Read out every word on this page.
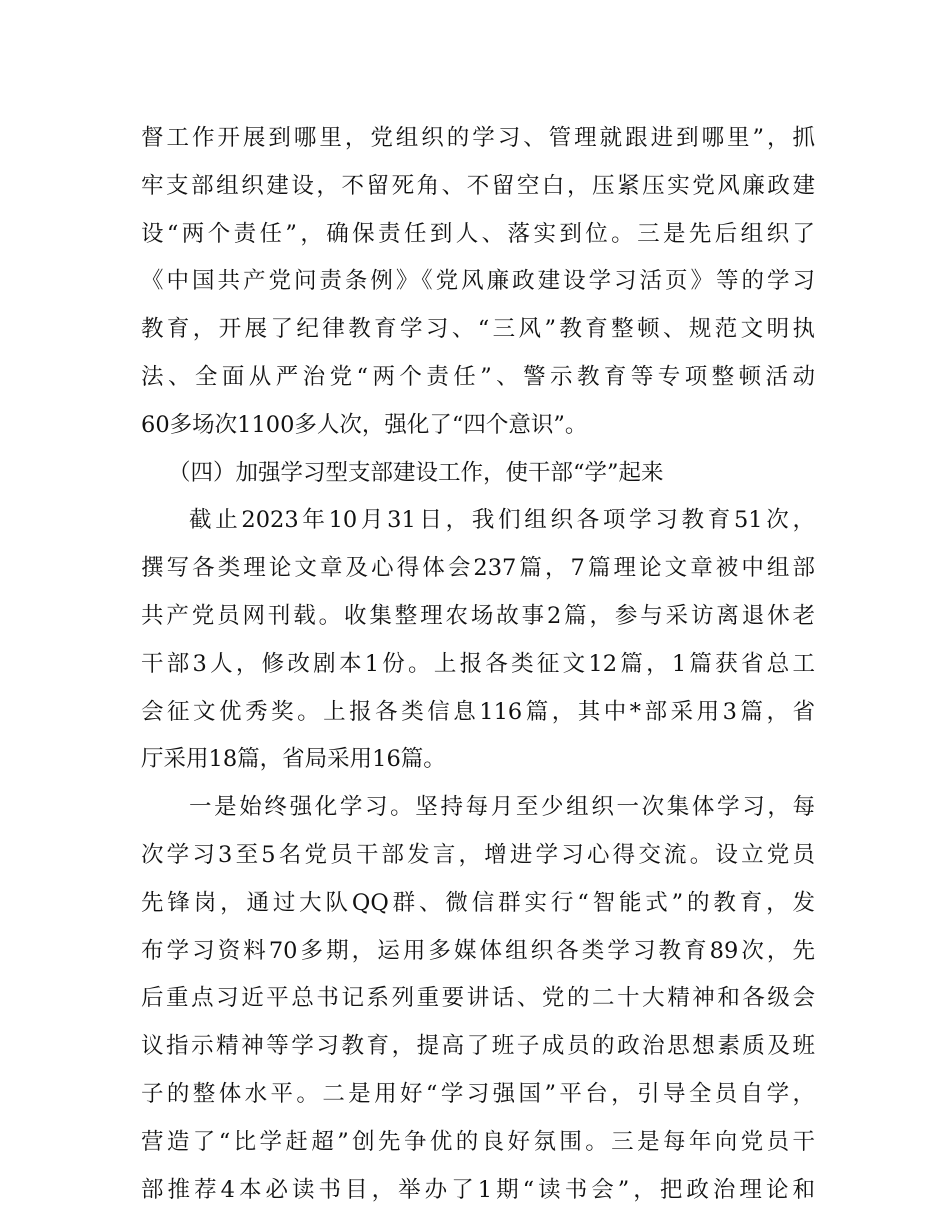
督工作开展到哪里，党组织的学习、管理就跟进到哪里”，抓
牢支部组织建设，不留死角、不留空白，压紧压实党风廉政建
设“两个责任”，确保责任到人、落实到位。三是先后组织了
《中国共产党问责条例》《党风廉政建设学习活页》等的学习
教育，开展了纪律教育学习、“三风”教育整顿、规范文明执
法、全面从严治党“两个责任”、警示教育等专项整顿活动
60多场次1100多人次，强化了“四个意识”。
（四）加强学习型支部建设工作，使干部“学”起来
截止2023年10月31日，我们组织各项学习教育51次，
撰写各类理论文章及心得体会237篇，7篇理论文章被中组部
共产党员网刊载。收集整理农场故事2篇，参与采访离退休老
干部3人，修改剧本1份。上报各类征文12篇，1篇获省总工
会征文优秀奖。上报各类信息116篇，其中*部采用3篇，省
厅采用18篇，省局采用16篇。
一是始终强化学习。坚持每月至少组织一次集体学习，每
次学习3至5名党员干部发言，增进学习心得交流。设立党员
先锋岗，通过大队QQ群、微信群实行“智能式”的教育，发
布学习资料70多期，运用多媒体组织各类学习教育89次，先
后重点习近平总书记系列重要讲话、党的二十大精神和各级会
议指示精神等学习教育，提高了班子成员的政治思想素质及班
子的整体水平。二是用好“学习强国”平台，引导全员自学，
营造了“比学赶超”创先争优的良好氛围。三是每年向党员干
部推荐4本必读书目，举办了1期“读书会”，把政治理论和
